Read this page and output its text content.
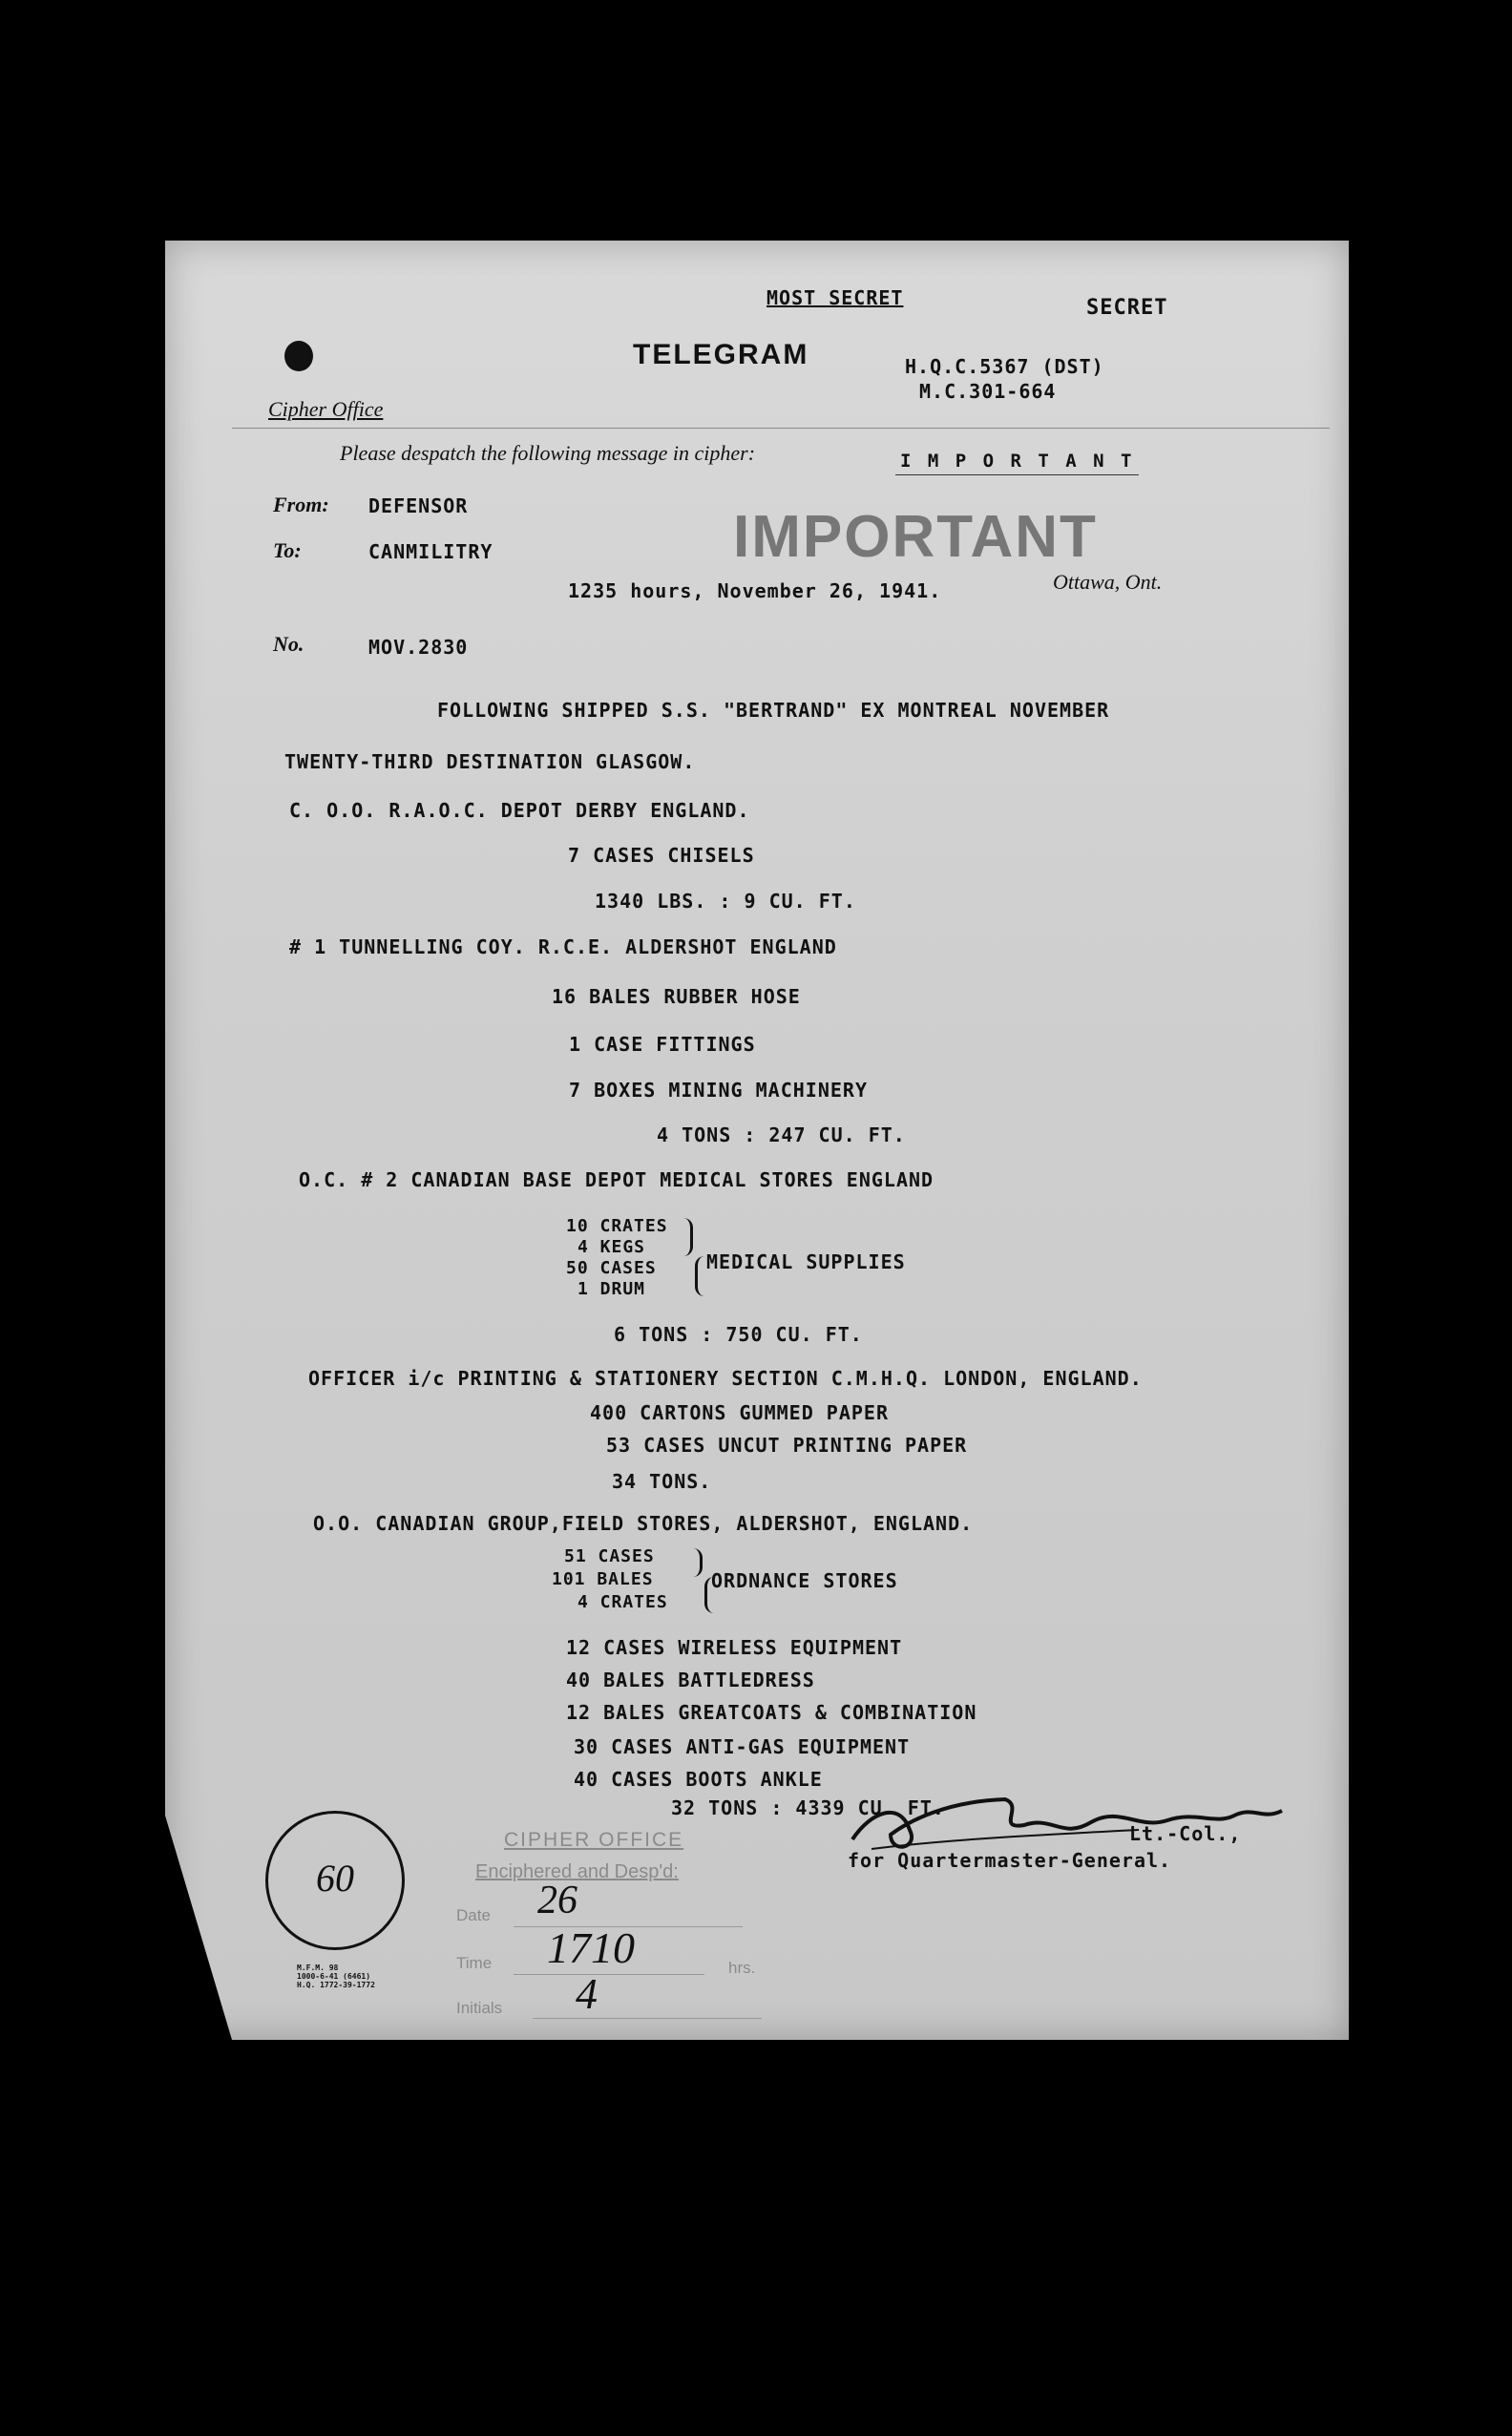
MOST SECRET	SECRET
TELEGRAM	H.Q.C.5367 (DST)
M.C.301-664
Cipher Office
Please despatch the following message in cipher:	I M P O R T A N T

From: DEFENSOR	IMPORTANT
To:	CANMILITRY
1235 hours, November 26, 1941.	Ottawa, Ont.
No.	MOV.2830
FOLLOWING SHIPPED S.S. "BERTRAND" EX MONTREAL NOVEMBER
TWENTY-THIRD DESTINATION GLASGOW.
C. O.O. R.A.O.C. DEPOT DERBY ENGLAND.
7 CASES CHISELS
1340 LBS. : 9 CU. FT.
# 1 TUNNELLING COY. R.C.E. ALDERSHOT ENGLAND
16 BALES RUBBER HOSE
1 CASE FITTINGS
7 BOXES MINING MACHINERY
4 TONS : 247 CU. FT.
O.C. # 2 CANADIAN BASE DEPOT MEDICAL STORES ENGLAND
10 CRATES
4 KEGS
50 CASES
1 DRUM
MEDICAL SUPPLIES
6 TONS : 750 CU. FT.
OFFICER i/c PRINTING & STATIONERY SECTION C.M.H.Q. LONDON, ENGLAND.
400 CARTONS GUMMED PAPER
53 CASES UNCUT PRINTING PAPER
34 TONS.
O.O. CANADIAN GROUP,FIELD STORES, ALDERSHOT, ENGLAND.
51 CASES
101 BALES
4 CRATES
ORDNANCE STORES
12 CASES WIRELESS EQUIPMENT
40 BALES BATTLEDRESS
12 BALES GREATCOATS & COMBINATION
30 CASES ANTI-GAS EQUIPMENT
40 CASES BOOTS ANKLE
32 TONS : 4339 CU. FT.
Lt.-Col.,
for Quartermaster-General.
CIPHER OFFICE
Enciphered and Desp'd:
Date 26
Time 1710	hrs.
Initials 4
60
M.F.M. 98
1000-6-41 (6461)
H.Q. 1772-39-1772
